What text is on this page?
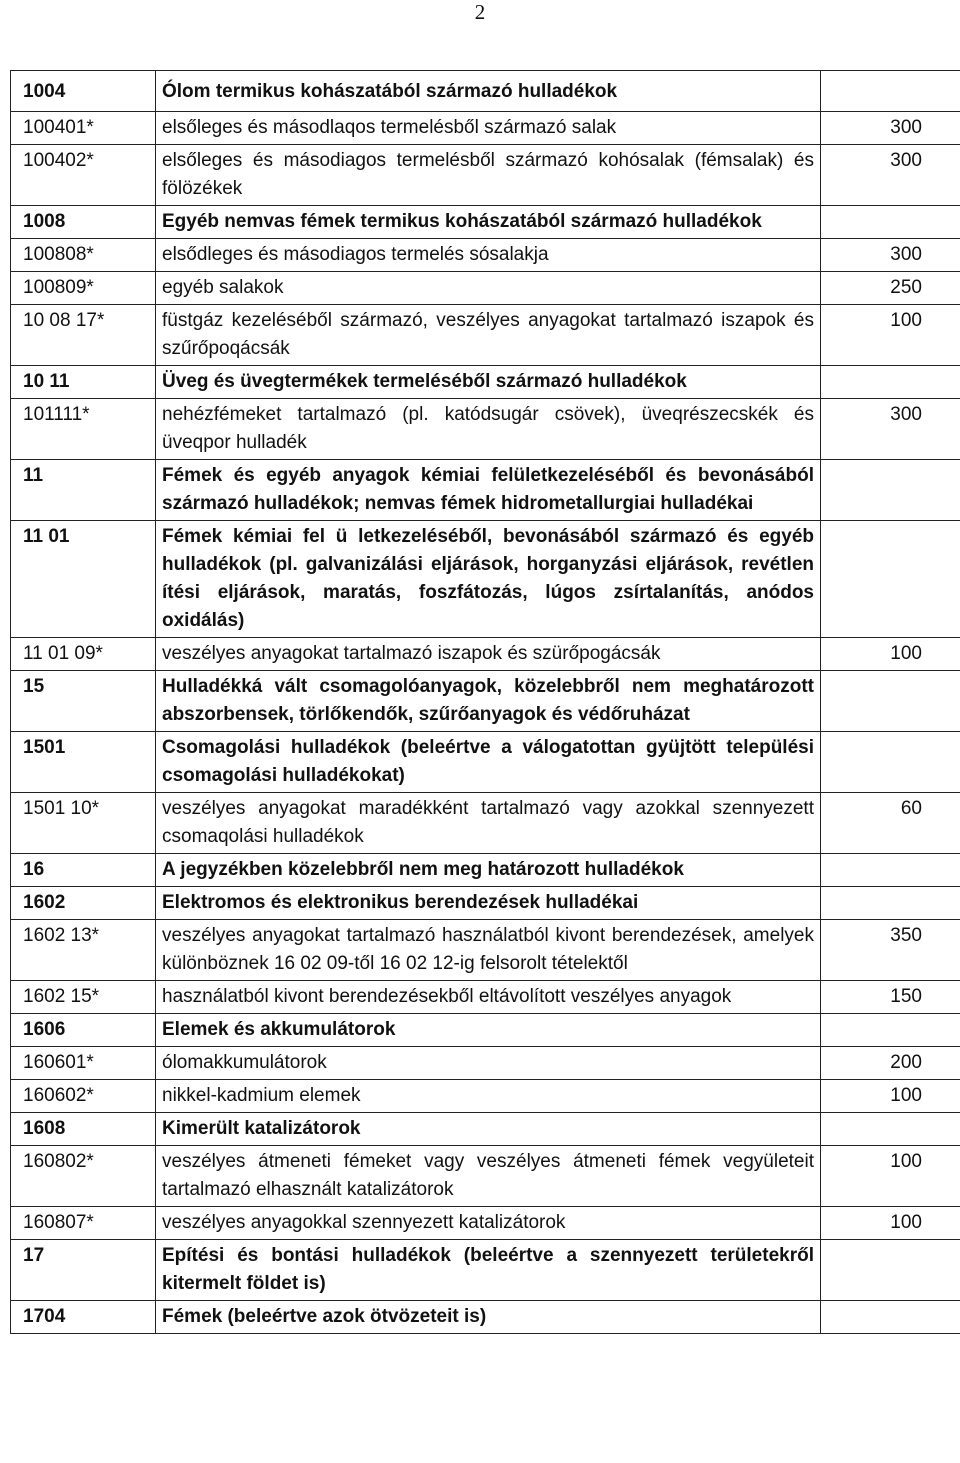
2
1004	Ólom termikus kohászatából származó hulladékok	
100401*	elsőleges és másodlaqos termelésből származó salak	300
100402*	elsőleges és másodiagos termelésből származó kohósalak (fémsalak) és fölözékek	300
1008	Egyéb nemvas fémek termikus kohászatából származó hulladékok	
100808*	elsődleges és másodiagos termelés sósalakja	300
100809*	egyéb salakok	250
10 08 17*	füstgáz kezeléséből származó, veszélyes anyagokat tartalmazó iszapok és szűrőpoqácsák	100
10 11	Üveg és üvegtermékek termeléséből származó hulladékok	
101111*	nehézfémeket tartalmazó (pl. katódsugár csövek), üveqrészecskék és üveqpor hulladék	300
11	Fémek és egyéb anyagok kémiai felületkezeléséből és bevonásából származó hulladékok; nemvas fémek hidrometallurgiai hulladékai	
11 01	Fémek kémiai fel ü letkezeléséből, bevonásából származó és egyéb hulladékok (pl. galvanizálási eljárások, horganyzási eljárások, revétlen ítési eljárások, maratás, foszfátozás, lúgos zsírtalanítás, anódos oxidálás)	
11 01 09*	veszélyes anyagokat tartalmazó iszapok és szürőpogácsák	100
15	Hulladékká vált csomagolóanyagok, közelebbről nem meghatározott abszorbensek, törlőkendők, szűrőanyagok és védőruházat	
1501	Csomagolási hulladékok (beleértve a válogatottan gyüjtött települési csomagolási hulladékokat)	
1501 10*	veszélyes anyagokat maradékként tartalmazó vagy azokkal szennyezett csomaqolási hulladékok	60
16	A jegyzékben közelebbről nem meg határozott hulladékok	
1602	Elektromos és elektronikus berendezések hulladékai	
1602 13*	veszélyes anyagokat tartalmazó használatból kivont berendezések, amelyek különböznek 16 02 09-től 16 02 12-ig felsorolt tételektől	350
1602 15*	használatból kivont berendezésekből eltávolított veszélyes anyagok	150
1606	Elemek és akkumulátorok	
160601*	ólomakkumulátorok	200
160602*	nikkel-kadmium elemek	100
1608	Kimerült katalizátorok	
160802*	veszélyes átmeneti fémeket vagy veszélyes átmeneti fémek vegyületeit tartalmazó elhasznált katalizátorok	100
160807*	veszélyes anyagokkal szennyezett katalizátorok	100
17	Epítési és bontási hulladékok (beleértve a szennyezett területekről kitermelt földet is)	
1704	Fémek (beleértve azok ötvözeteit is)	
